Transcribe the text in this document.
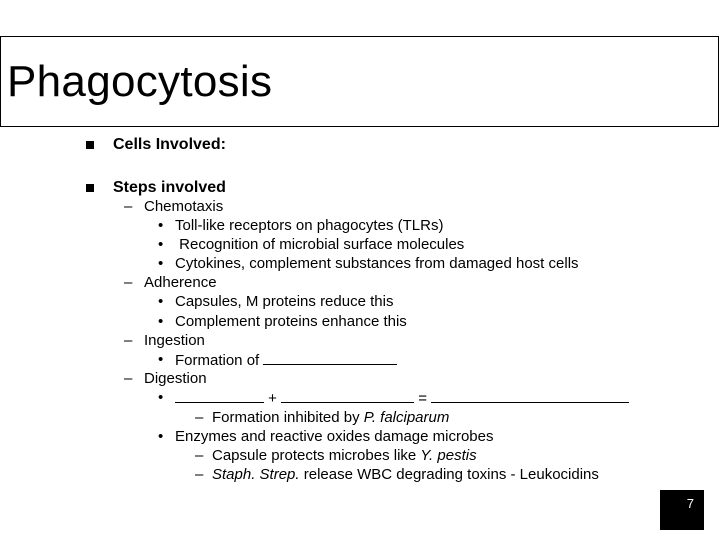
Phagocytosis
Cells Involved:
Steps involved
– Chemotaxis
• Toll-like receptors on phagocytes (TLRs)
• Recognition of microbial surface molecules
• Cytokines, complement substances from damaged host cells
– Adherence
• Capsules, M proteins reduce this
• Complement proteins enhance this
– Ingestion
• Formation of
– Digestion
•	+	=
– Formation inhibited by P. falciparum
• Enzymes and reactive oxides damage microbes
– Capsule protects microbes like Y. pestis
– Staph. Strep. release WBC degrading toxins - Leukocidins
7
